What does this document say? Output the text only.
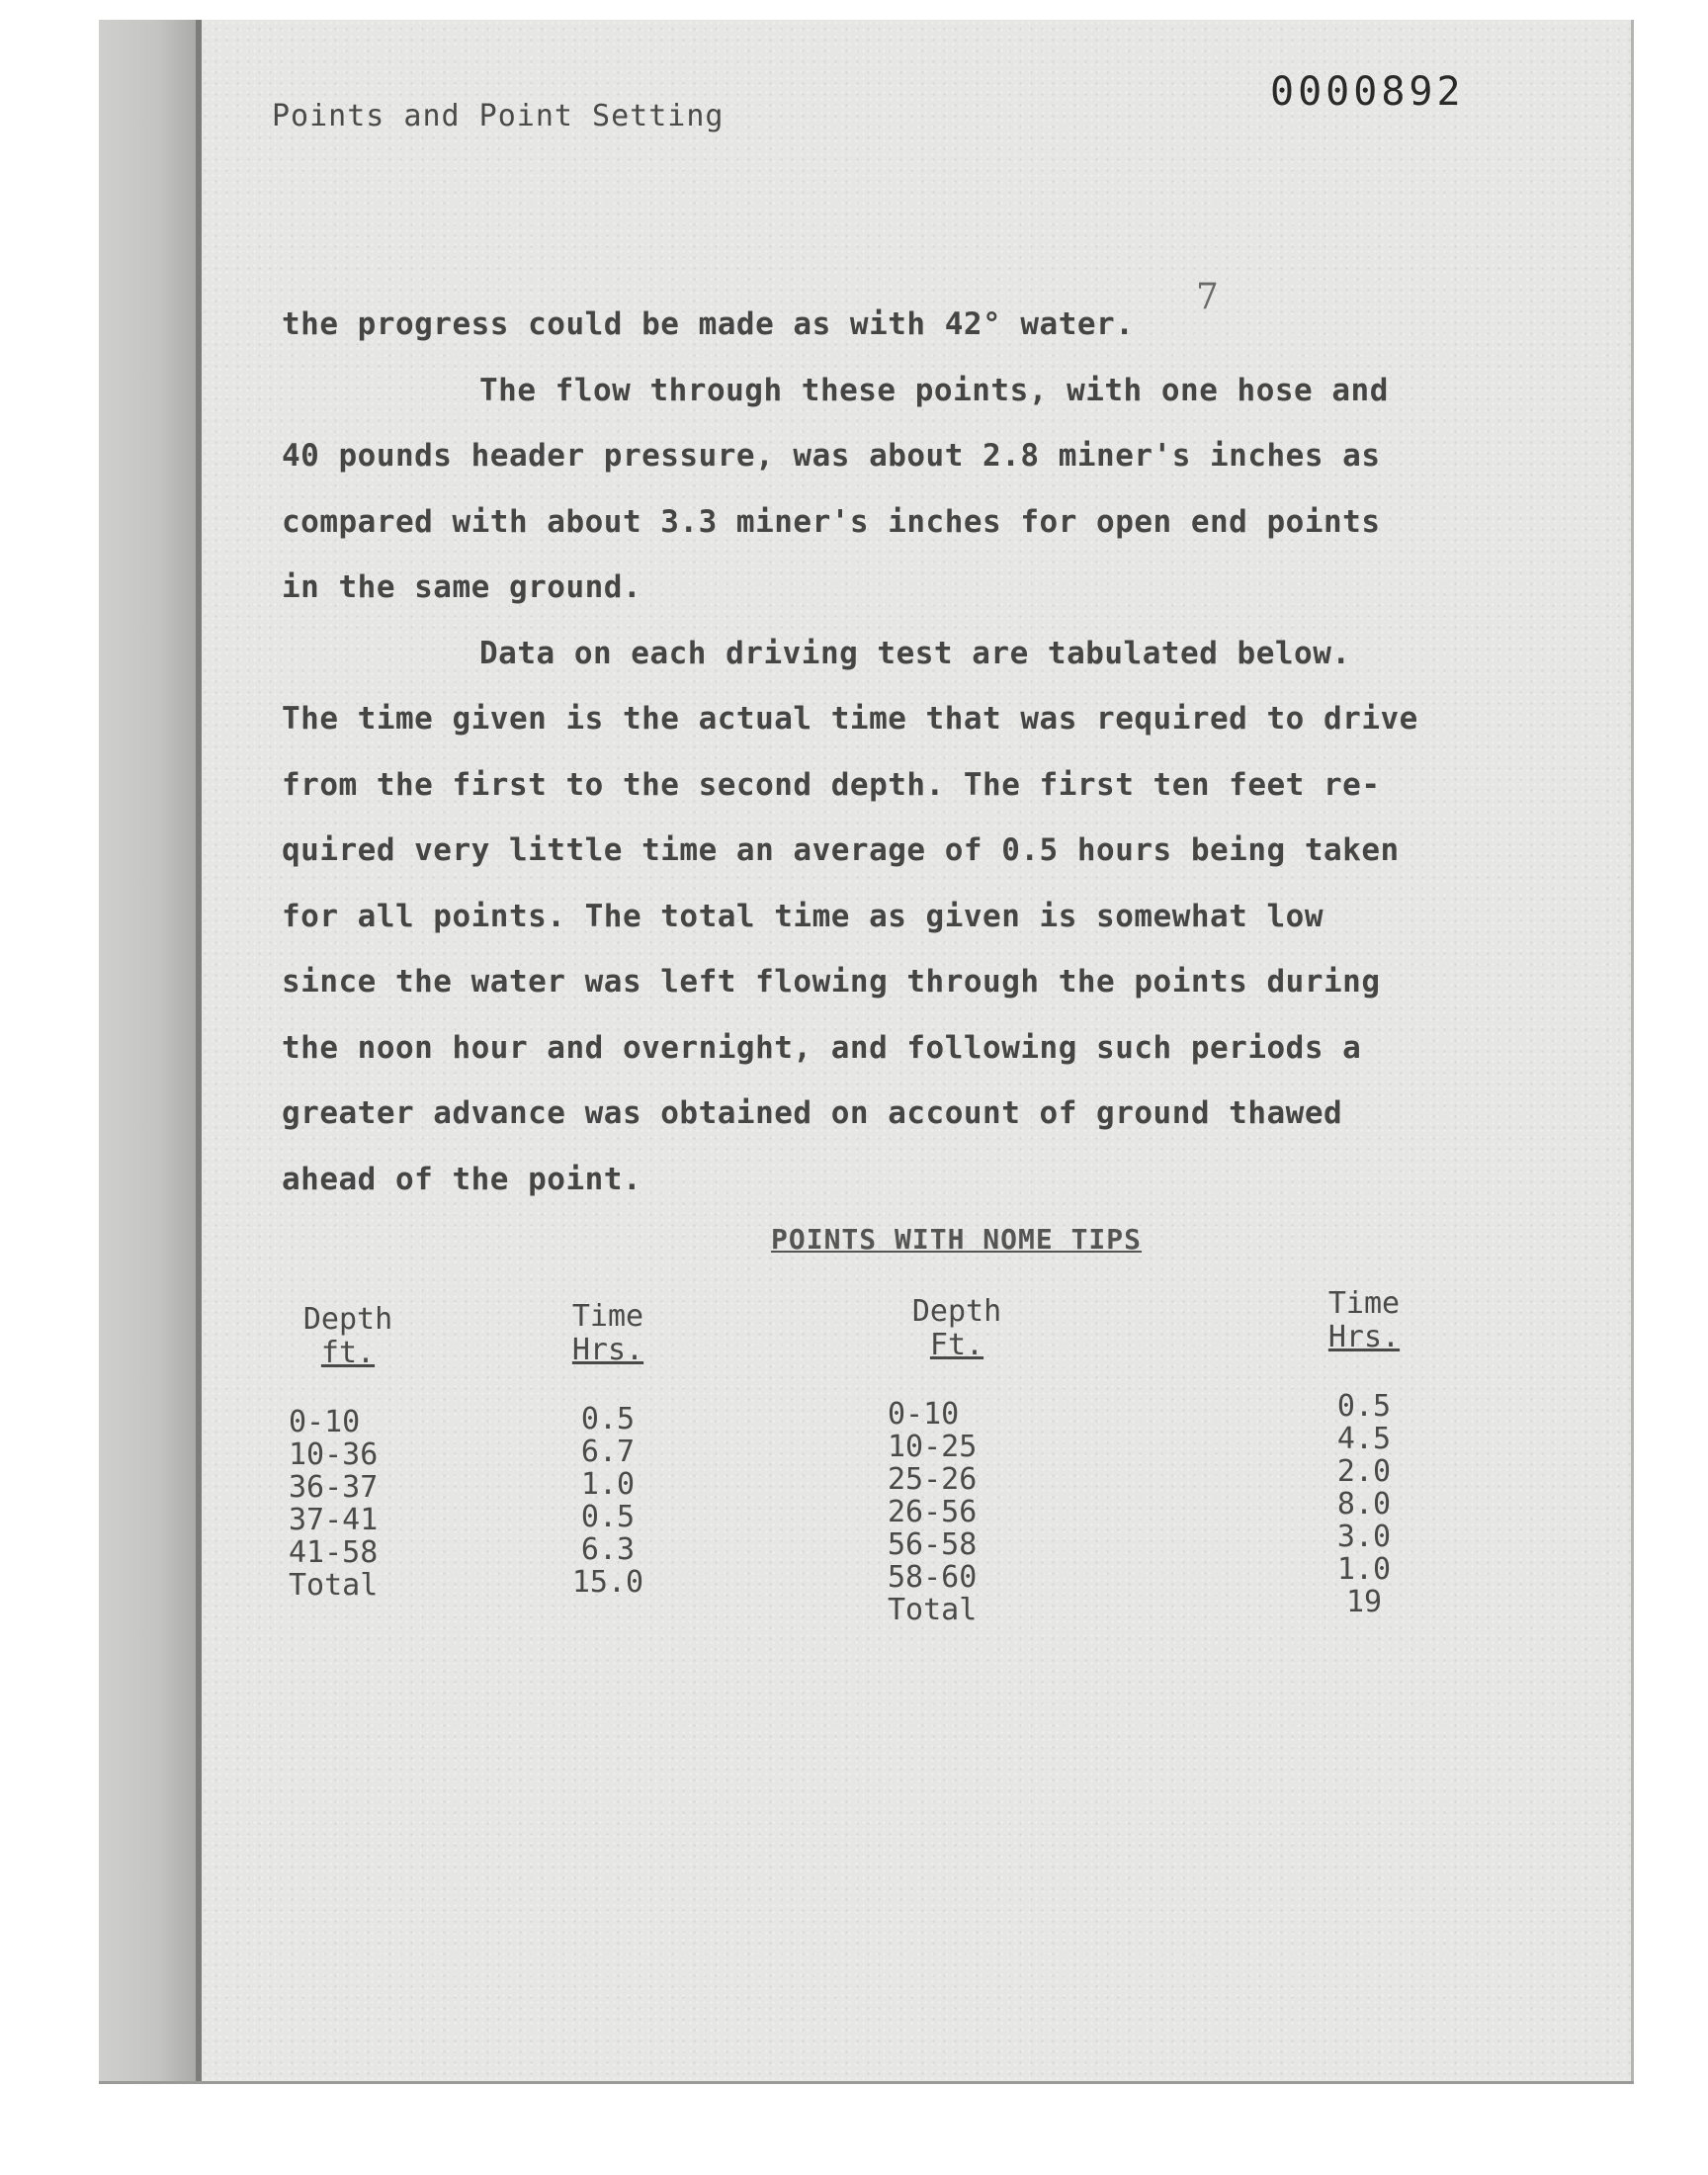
Points and Point Setting
0000892
7
the progress could be made as with 42° water.
The flow through these points, with one hose and
40 pounds header pressure, was about 2.8 miner's inches as
compared with about 3.3 miner's inches for open end points
in the same ground.
Data on each driving test are tabulated below.
The time given is the actual time that was required to drive
from the first to the second depth. The first ten feet re-
quired very little time an average of 0.5 hours being taken
for all points. The total time as given is somewhat low
since the water was left flowing through the points during
the noon hour and overnight, and following such periods a
greater advance was obtained on account of ground thawed
ahead of the point.
POINTS WITH NOME TIPS
Depth
ft.
0-10
10-36
36-37
37-41
41-58
Total
Time
Hrs.
0.5
6.7
1.0
0.5
6.3
15.0
Depth
Ft.
0-10
10-25
25-26
26-56
56-58
58-60
Total
Time
Hrs.
0.5
4.5
2.0
8.0
3.0
1.0
19
